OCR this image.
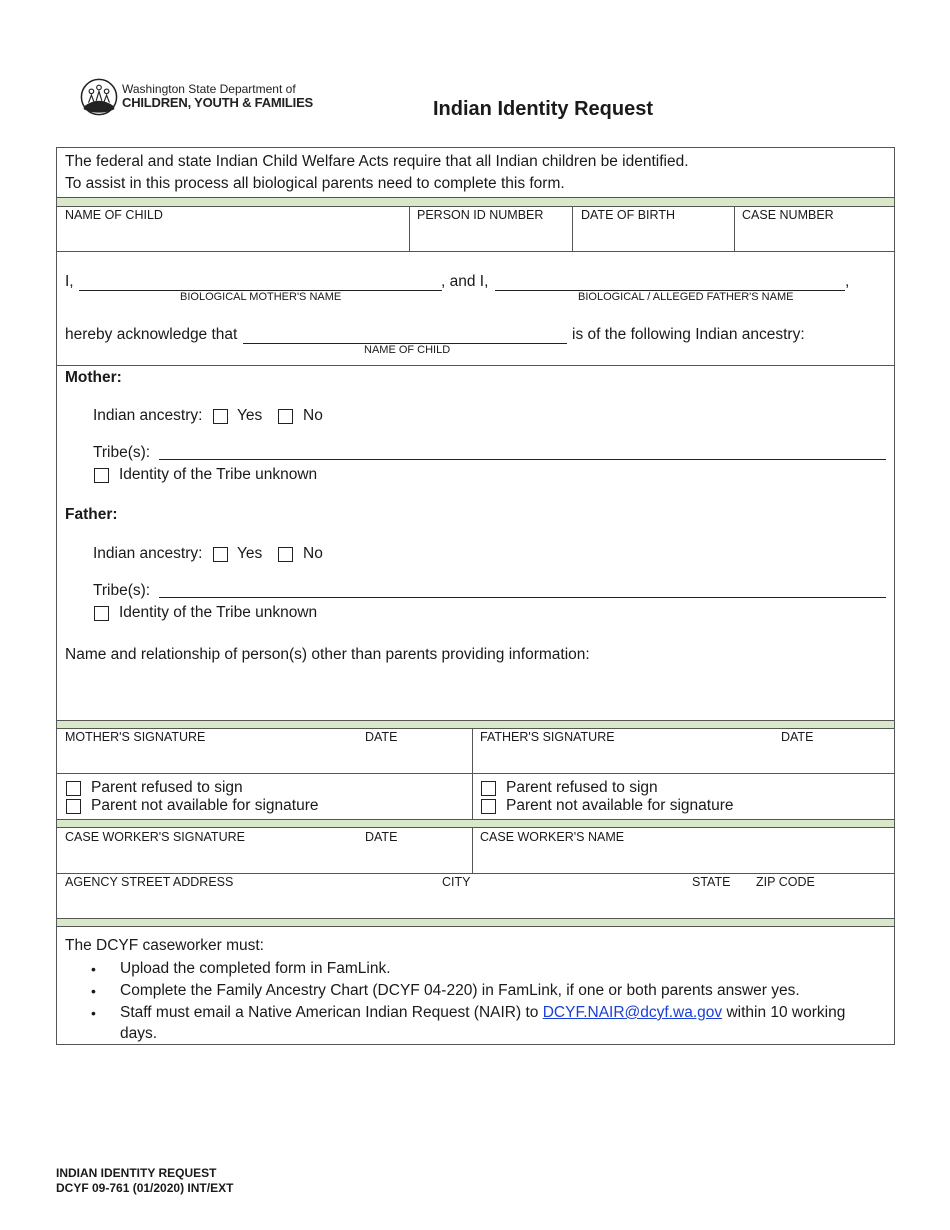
Washington State Department of
CHILDREN, YOUTH & FAMILIES	Indian Identity Request
The federal and state Indian Child Welfare Acts require that all Indian children be identified.
To assist in this process all biological parents need to complete this form.
NAME OF CHILD	PERSON ID NUMBER	DATE OF BIRTH	CASE NUMBER
I,
BIOLOGICAL MOTHER'S NAME
, and I,	,
BIOLOGICAL / ALLEGED FATHER'S NAME
hereby acknowledge that
NAME OF CHILD
is of the following Indian ancestry:
Mother:
Indian ancestry: Yes	No
Tribe(s):
Identity of the Tribe unknown
Father:
Indian ancestry: Yes	No
Tribe(s):
Identity of the Tribe unknown
Name and relationship of person(s) other than parents providing information:
MOTHER'S SIGNATURE	DATE	FATHER'S SIGNATURE	DATE
Parent refused to sign
Parent not available for signature
Parent refused to sign
Parent not available for signature
CASE WORKER'S SIGNATURE	DATE	CASE WORKER'S NAME
AGENCY STREET ADDRESS	CITY	STATE ZIP CODE
The DCYF caseworker must:
• Upload the completed form in FamLink.
• Complete the Family Ancestry Chart (DCYF 04-220) in FamLink, if one or both parents answer yes.
• Staff must email a Native American Indian Request (NAIR) to DCYF.NAIR@dcyf.wa.gov within 10 working
days.
INDIAN IDENTITY REQUEST
DCYF 09-761 (01/2020) INT/EXT
